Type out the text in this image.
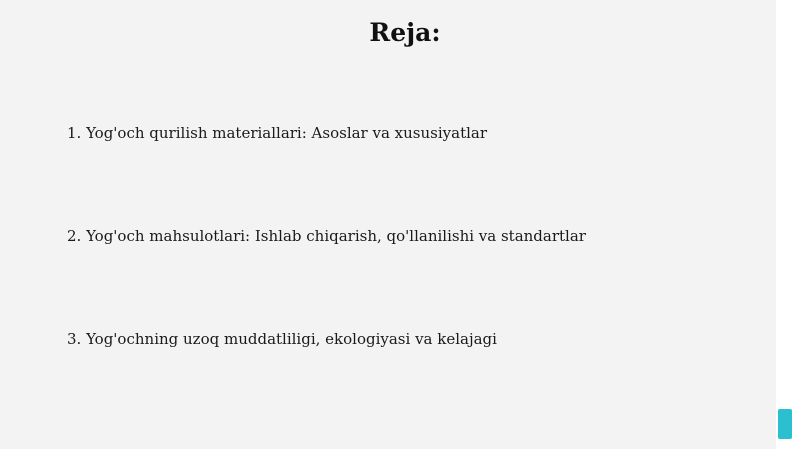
Reja:

1. Yog'och qurilish materiallari: Asoslar va xususiyatlar

2. Yog'och mahsulotlari: Ishlab chiqarish, qo'llanilishi va standartlar

3. Yog'ochning uzoq muddatliligi, ekologiyasi va kelajagi
